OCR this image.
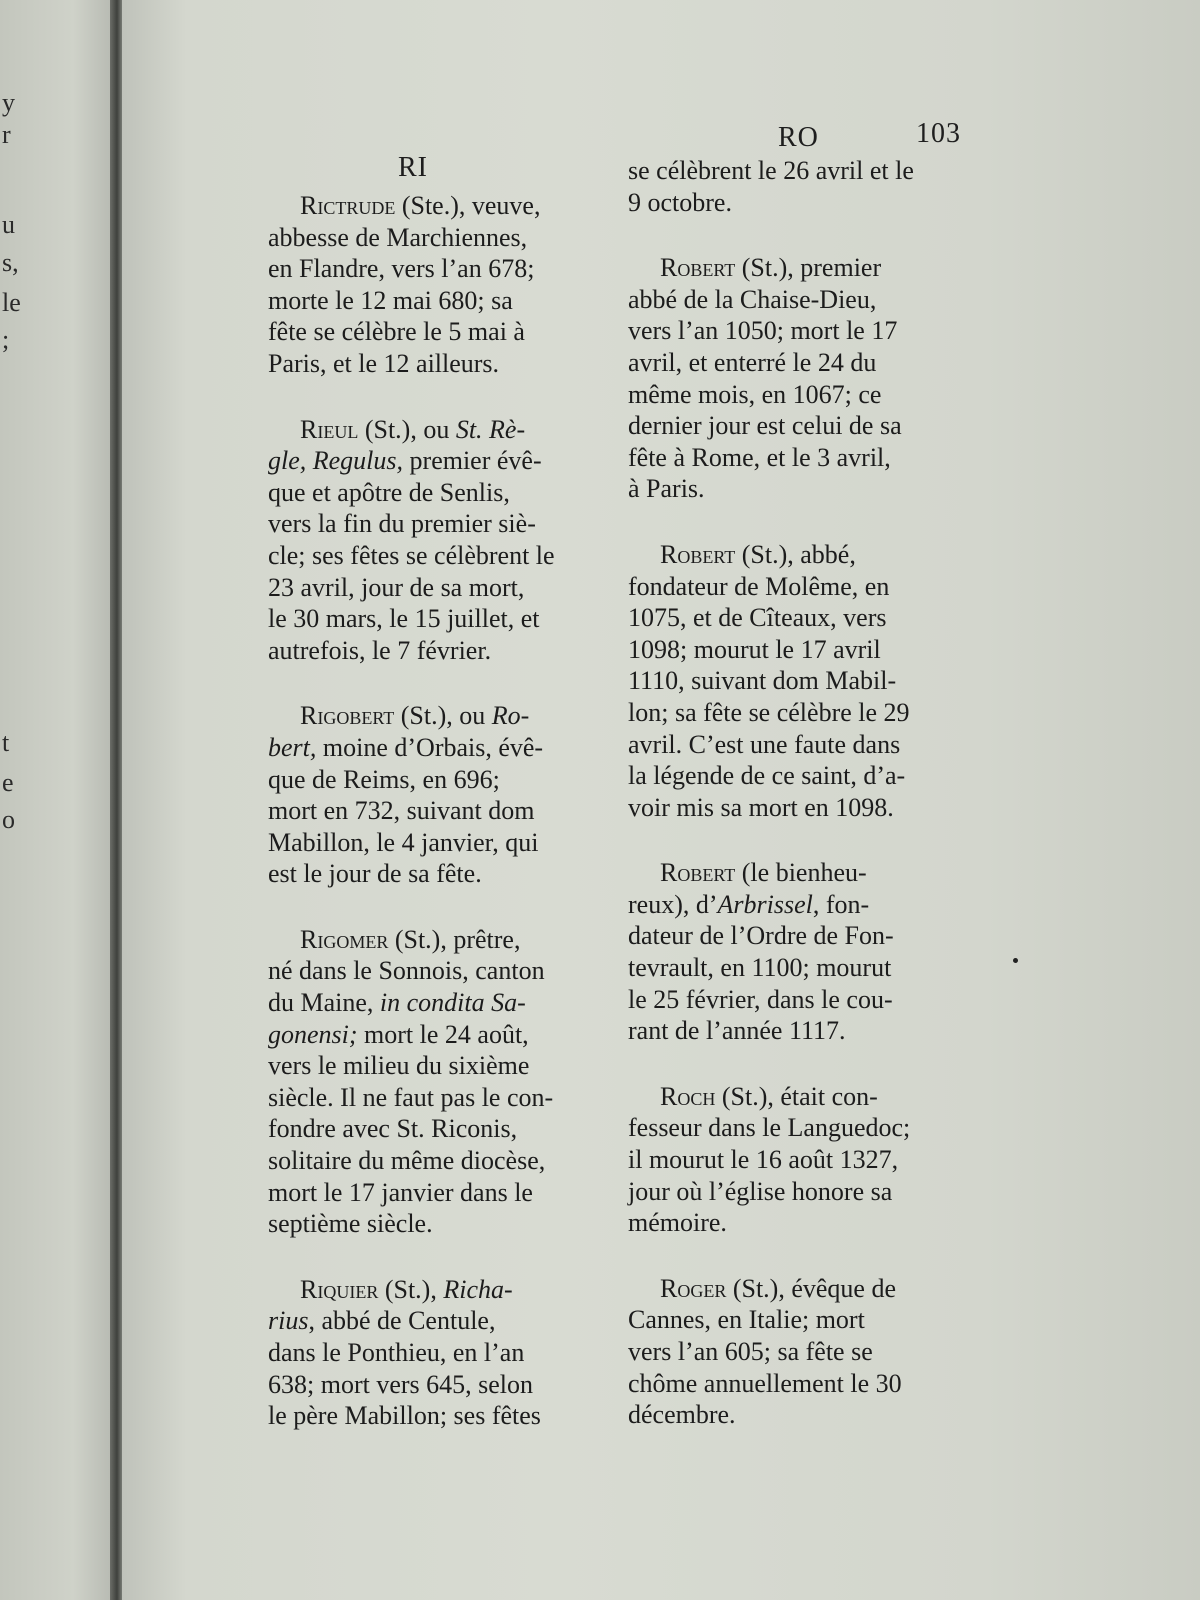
y
r
u
s,
le
;
t
e
o
RI
RO	103
Rictrude (Ste.), veuve,
abbesse de Marchiennes,
en Flandre, vers l’an 678;
morte le 12 mai 680; sa
fête se célèbre le 5 mai à
Paris, et le 12 ailleurs.
Rieul (St.), ou St. Rè-
gle, Regulus, premier évê-
que et apôtre de Senlis,
vers la fin du premier siè-
cle; ses fêtes se célèbrent le
23 avril, jour de sa mort,
le 30 mars, le 15 juillet, et
autrefois, le 7 février.
Rigobert (St.), ou Ro-
bert, moine d’Orbais, évê-
que de Reims, en 696;
mort en 732, suivant dom
Mabillon, le 4 janvier, qui
est le jour de sa fête.
Rigomer (St.), prêtre,
né dans le Sonnois, canton
du Maine, in condita Sa-
gonensi; mort le 24 août,
vers le milieu du sixième
siècle. Il ne faut pas le con-
fondre avec St. Riconis,
solitaire du même diocèse,
mort le 17 janvier dans le
septième siècle.
Riquier (St.), Richa-
rius, abbé de Centule,
dans le Ponthieu, en l’an
638; mort vers 645, selon
le père Mabillon; ses fêtes
se célèbrent le 26 avril et le
9 octobre.
Robert (St.), premier
abbé de la Chaise-Dieu,
vers l’an 1050; mort le 17
avril, et enterré le 24 du
même mois, en 1067; ce
dernier jour est celui de sa
fête à Rome, et le 3 avril,
à Paris.
Robert (St.), abbé,
fondateur de Molême, en
1075, et de Cîteaux, vers
1098; mourut le 17 avril
1110, suivant dom Mabil-
lon; sa fête se célèbre le 29
avril. C’est une faute dans
la légende de ce saint, d’a-
voir mis sa mort en 1098.
Robert (le bienheu-
reux), d’Arbrissel, fon-
dateur de l’Ordre de Fon-
tevrault, en 1100; mourut
le 25 février, dans le cou-
rant de l’année 1117.
Roch (St.), était con-
fesseur dans le Languedoc;
il mourut le 16 août 1327,
jour où l’église honore sa
mémoire.
Roger (St.), évêque de
Cannes, en Italie; mort
vers l’an 605; sa fête se
chôme annuellement le 30
décembre.
